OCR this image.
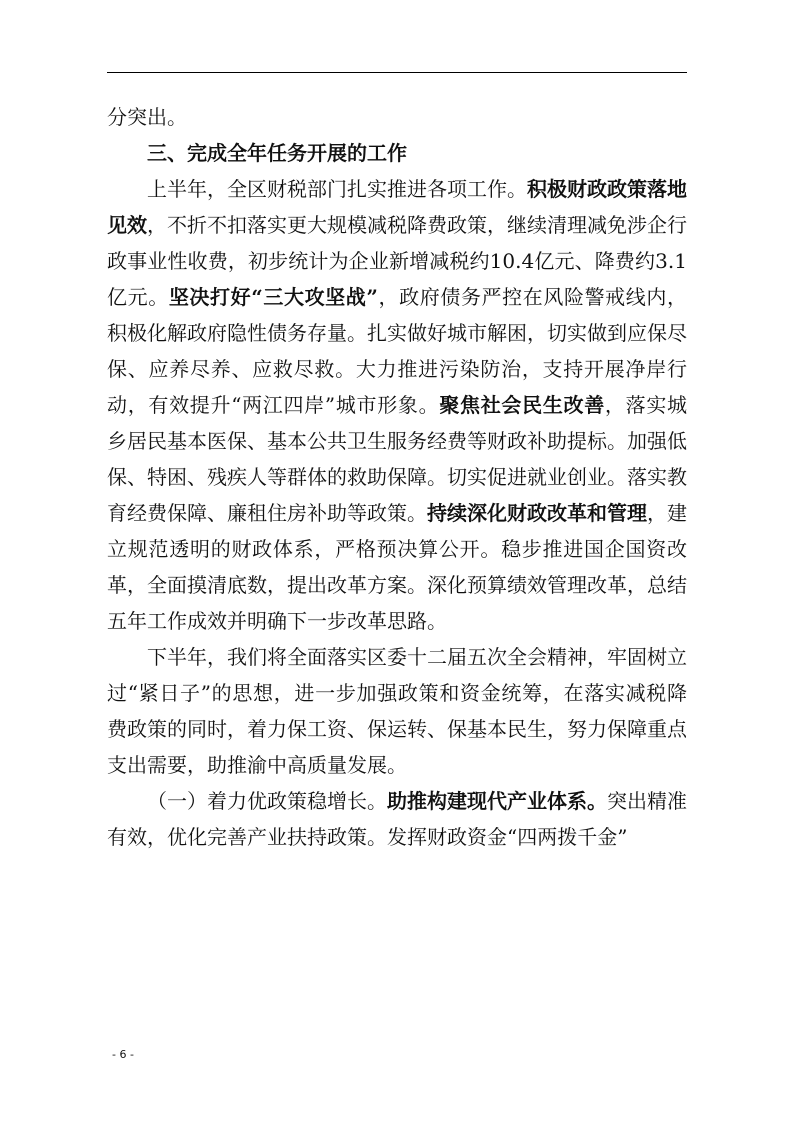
分突出。

三、完成全年任务开展的工作

上半年，全区财税部门扎实推进各项工作。积极财政政策落地见效，不折不扣落实更大规模减税降费政策，继续清理减免涉企行政事业性收费，初步统计为企业新增减税约10.4亿元、降费约3.1亿元。坚决打好“三大攻坚战”，政府债务严控在风险警戒线内，积极化解政府隐性债务存量。扎实做好城市解困，切实做到应保尽保、应养尽养、应救尽救。大力推进污染防治，支持开展净岸行动，有效提升“两江四岸”城市形象。聚焦社会民生改善，落实城乡居民基本医保、基本公共卫生服务经费等财政补助提标。加强低保、特困、残疾人等群体的救助保障。切实促进就业创业。落实教育经费保障、廉租住房补助等政策。持续深化财政改革和管理，建立规范透明的财政体系，严格预决算公开。稳步推进国企国资改革，全面摸清底数，提出改革方案。深化预算绩效管理改革，总结五年工作成效并明确下一步改革思路。

下半年，我们将全面落实区委十二届五次全会精神，牢固树立过“紧日子”的思想，进一步加强政策和资金统筹，在落实减税降费政策的同时，着力保工资、保运转、保基本民生，努力保障重点支出需要，助推渝中高质量发展。

（一）着力优政策稳增长。助推构建现代产业体系。突出精准有效，优化完善产业扶持政策。发挥财政资金“四两拨千金”

- 6 -
